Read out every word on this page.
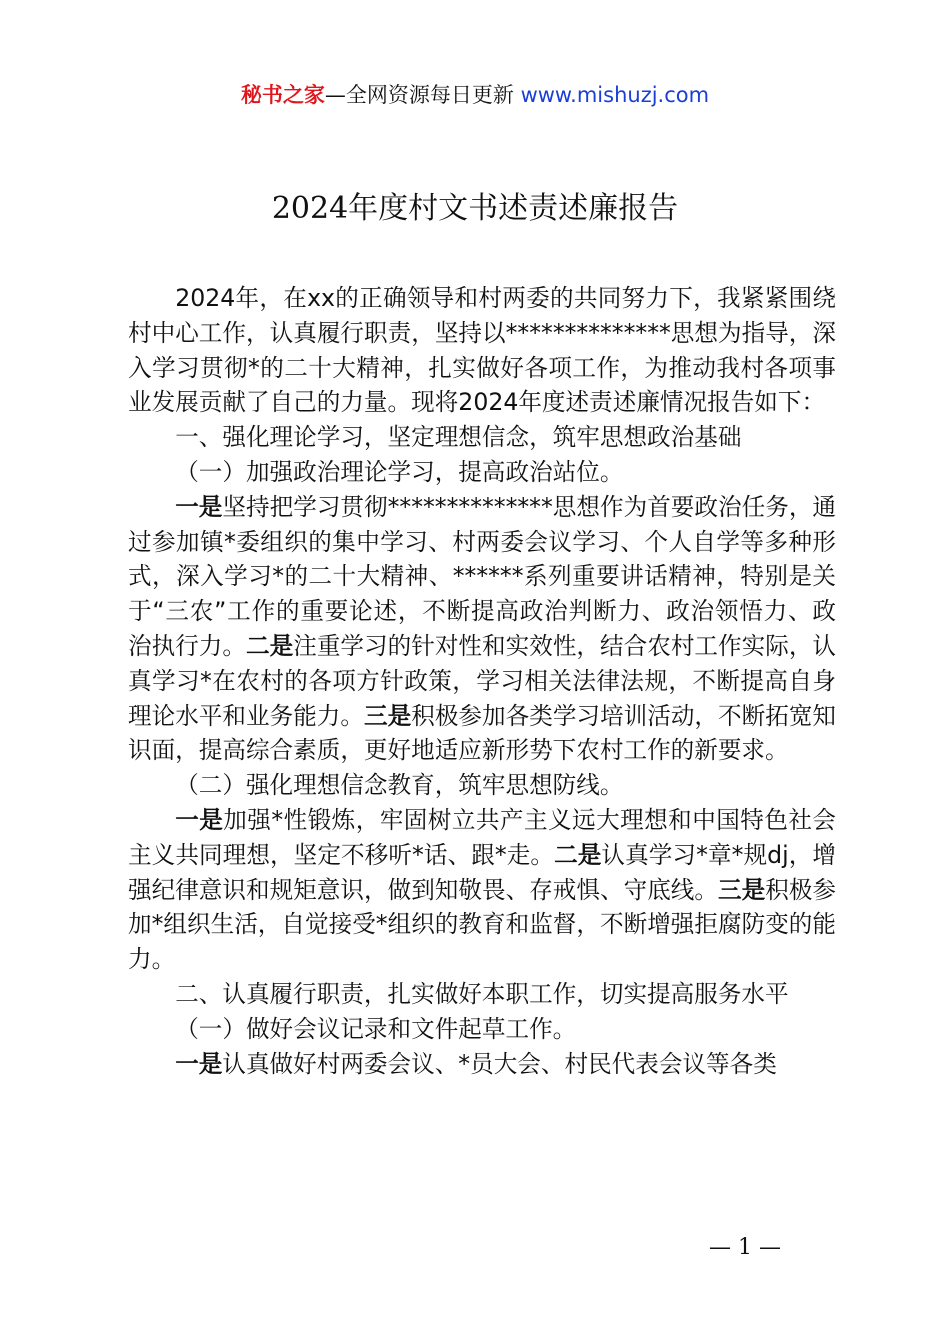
秘书之家—全网资源每日更新 www.mishuzj.com
2024年度村文书述责述廉报告

2024年，在xx的正确领导和村两委的共同努力下，我紧紧围绕村中心工作，认真履行职责，坚持以**************思想为指导，深入学习贯彻*的二十大精神，扎实做好各项工作，为推动我村各项事业发展贡献了自己的力量。现将2024年度述责述廉情况报告如下：

一、强化理论学习，坚定理想信念，筑牢思想政治基础

（一）加强政治理论学习，提高政治站位。

一是坚持把学习贯彻**************思想作为首要政治任务，通过参加镇*委组织的集中学习、村两委会议学习、个人自学等多种形式，深入学习*的二十大精神、******系列重要讲话精神，特别是关于“三农”工作的重要论述，不断提高政治判断力、政治领悟力、政治执行力。二是注重学习的针对性和实效性，结合农村工作实际，认真学习*在农村的各项方针政策，学习相关法律法规，不断提高自身理论水平和业务能力。三是积极参加各类学习培训活动，不断拓宽知识面，提高综合素质，更好地适应新形势下农村工作的新要求。

（二）强化理想信念教育，筑牢思想防线。

一是加强*性锻炼，牢固树立共产主义远大理想和中国特色社会主义共同理想，坚定不移听*话、跟*走。二是认真学习*章*规dj，增强纪律意识和规矩意识，做到知敬畏、存戒惧、守底线。三是积极参加*组织生活，自觉接受*组织的教育和监督，不断增强拒腐防变的能力。

二、认真履行职责，扎实做好本职工作，切实提高服务水平

（一）做好会议记录和文件起草工作。

一是认真做好村两委会议、*员大会、村民代表会议等各类

— 1 —
